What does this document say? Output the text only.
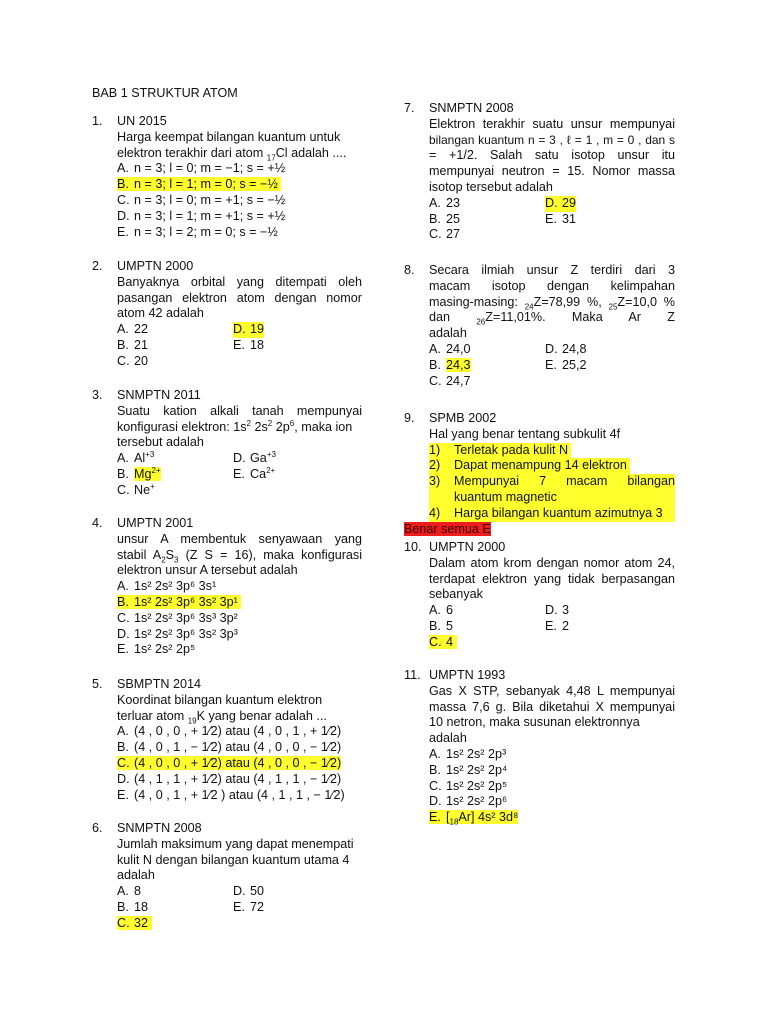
BAB 1 STRUKTUR ATOM
1.	UN 2015
Harga keempat bilangan kuantum untuk
elektron terakhir dari atom $_{17}$Cl adalah ....
A. n = 3; l = 0; m = −1; s = +½
B. n = 3; l = 1; m = 0; s = −½
C. n = 3; l = 0; m = +1; s = −½
D. n = 3; l = 1; m = +1; s = +½
E. n = 3; l = 2; m = 0; s = −½
2.	UMPTN 2000
Banyaknya orbital yang ditempati oleh
pasangan elektron atom dengan nomor
atom 42 adalah
A. 22	D. 19
B. 21	E. 18
C. 20
3.	SNMPTN 2011
Suatu kation alkali tanah mempunyai
konfigurasi elektron: $1s^2$ $2s^2$ $2p^6$, maka ion
tersebut adalah
A. $Al^{+3}$	D. $Ga^{+3}$
B. $Mg^{2+}$	E. $Ca^{2+}$
C. Ne+
4.	UMPTN 2001
unsur A membentuk senyawaan yang
stabil $A_2S_3$ (Z S = 16), maka konfigurasi
elektron unsur A tersebut adalah
A. 1s² 2s² 3p⁶ 3s¹
B. 1s² 2s² 3p⁶ 3s² 3p¹
C. 1s² 2s² 3p⁶ 3s³ 3p²
D. 1s² 2s² 3p⁶ 3s² 3p³
E. 1s² 2s² 2p⁵
5.	SBMPTN 2014
Koordinat bilangan kuantum elektron
terluar atom $_{19}$K yang benar adalah ...
A. (4 , 0 , 0 , + 1⁄2) atau (4 , 0 , 1 , + 1⁄2)
B. (4 , 0 , 1 , − 1⁄2) atau (4 , 0 , 0 , − 1⁄2)
C. (4 , 0 , 0 , + 1⁄2) atau (4 , 0 , 0 , − 1⁄2)
D. (4 , 1 , 1 , + 1⁄2) atau (4 , 1 , 1 , − 1⁄2)
E. (4 , 0 , 1 , + 1⁄2 ) atau (4 , 1 , 1 , − 1⁄2)
6.	SNMPTN 2008
Jumlah maksimum yang dapat menempati
kulit N dengan bilangan kuantum utama 4
adalah
A. 8	D. 50
B. 18	E. 72
C. 32
7.	SNMPTN 2008
Elektron terakhir suatu unsur mempunyai
bilangan kuantum n = 3 , ℓ = 1 , m = 0 , dan s
= +1/2. Salah satu isotop unsur itu
mempunyai neutron = 15. Nomor massa
isotop tersebut adalah
A. 23	D. 29
B. 25	E. 31
C. 27
8.	Secara ilmiah unsur Z terdiri dari 3
macam isotop dengan kelimpahan
masing-masing: $_{24}$Z=78,99 %, $_{25}$Z=10,0 %
dan $_{26}$Z=11,01%. Maka Ar Z
adalah
A. 24,0	D. 24,8
B. 24,3	E. 25,2
C. 24,7
9.	SPMB 2002
Hal yang benar tentang subkulit 4f
1) Terletak pada kulit N
2) Dapat menampung 14 elektron
3) Mempunyai 7 macam bilangan
kuantum magnetic
4) Harga bilangan kuantum azimutnya 3
Benar semua E
10. UMPTN 2000
Dalam atom krom dengan nomor atom 24,
terdapat elektron yang tidak berpasangan
sebanyak
A. 6	D. 3
B. 5	E. 2
C. 4
11. UMPTN 1993
Gas X STP, sebanyak 4,48 L mempunyai
massa 7,6 g. Bila diketahui X mempunyai
10 netron, maka susunan elektronnya
adalah
A. 1s² 2s² 2p³
B. 1s² 2s² 2p⁴
C. 1s² 2s² 2p⁵
D. 1s² 2s² 2p⁶
E. $[_{18}Ar]$ 4s² 3d⁸
